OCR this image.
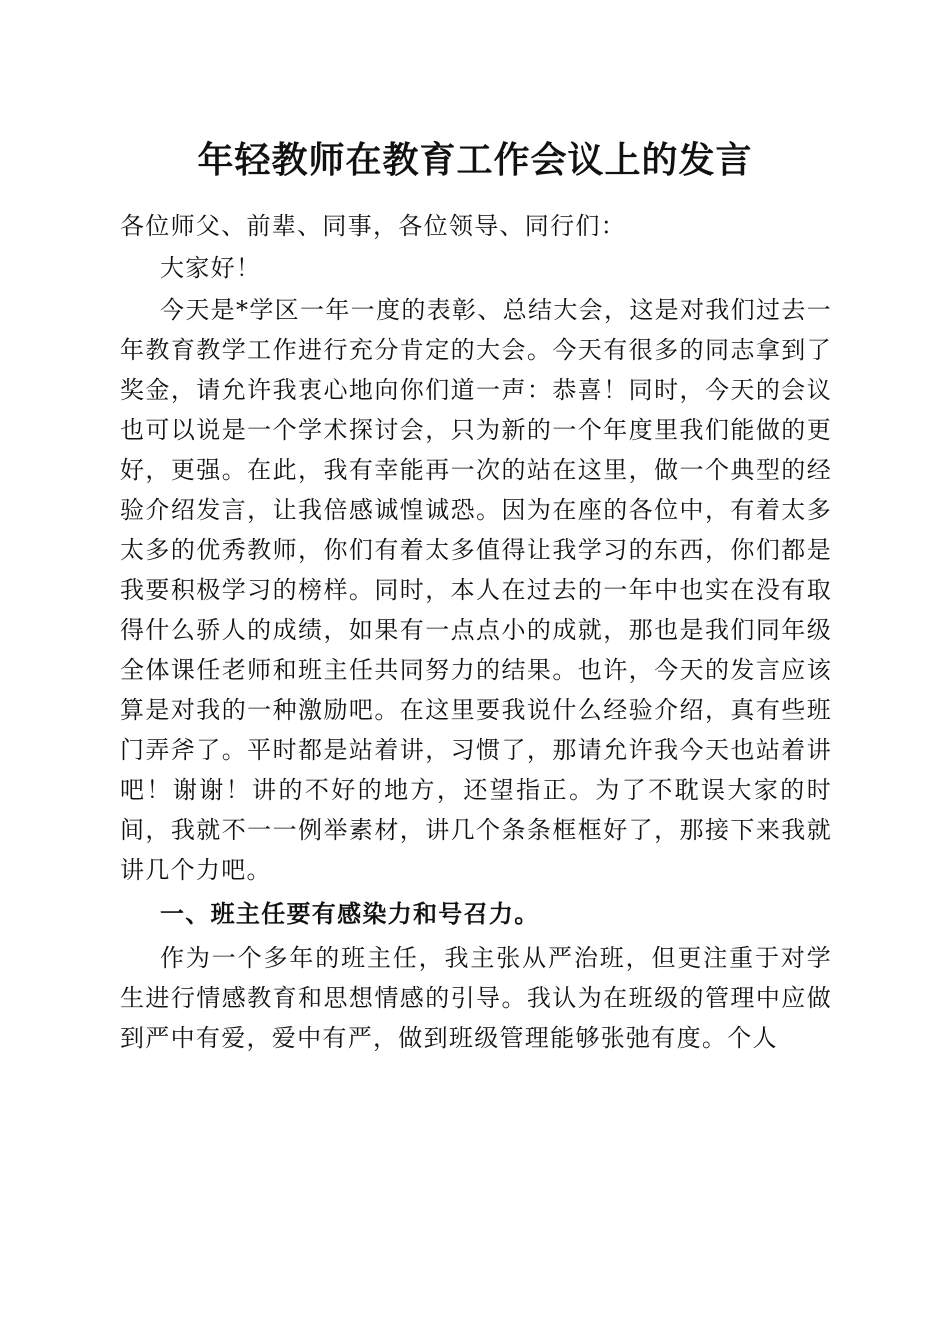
年轻教师在教育工作会议上的发言

各位师父、前辈、同事，各位领导、同行们：

大家好！

今天是*学区一年一度的表彰、总结大会，这是对我们过去一年教育教学工作进行充分肯定的大会。今天有很多的同志拿到了奖金，请允许我衷心地向你们道一声：恭喜！同时，今天的会议也可以说是一个学术探讨会，只为新的一个年度里我们能做的更好，更强。在此，我有幸能再一次的站在这里，做一个典型的经验介绍发言，让我倍感诚惶诚恐。因为在座的各位中，有着太多太多的优秀教师，你们有着太多值得让我学习的东西，你们都是我要积极学习的榜样。同时，本人在过去的一年中也实在没有取得什么骄人的成绩，如果有一点点小的成就，那也是我们同年级全体课任老师和班主任共同努力的结果。也许，今天的发言应该算是对我的一种激励吧。在这里要我说什么经验介绍，真有些班门弄斧了。平时都是站着讲，习惯了，那请允许我今天也站着讲吧！谢谢！讲的不好的地方，还望指正。为了不耽误大家的时间，我就不一一例举素材，讲几个条条框框好了，那接下来我就讲几个力吧。

一、班主任要有感染力和号召力。

作为一个多年的班主任，我主张从严治班，但更注重于对学生进行情感教育和思想情感的引导。我认为在班级的管理中应做到严中有爱，爱中有严，做到班级管理能够张弛有度。个人
